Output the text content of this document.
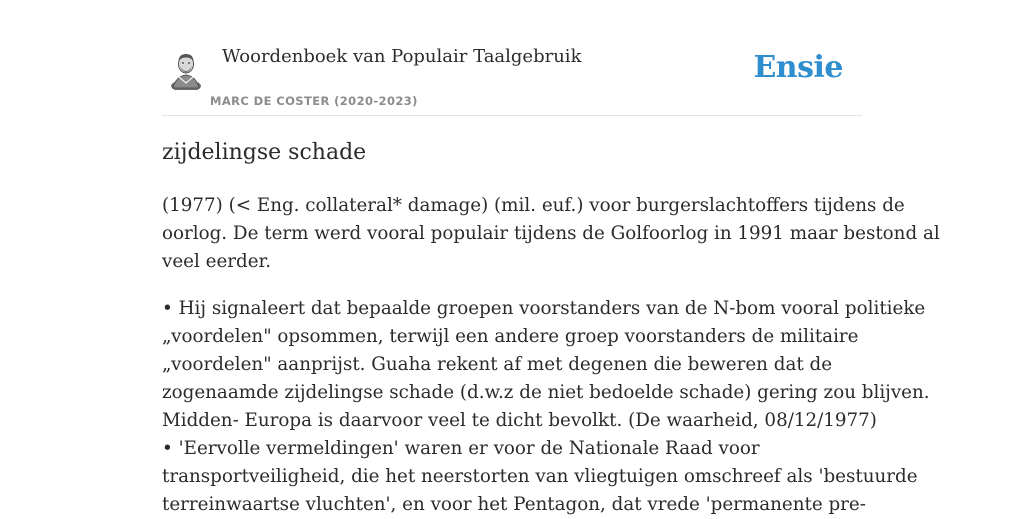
Woordenboek van Populair Taalgebruik
MARC DE COSTER (2020-2023)
Ensie
zijdelingse schade

(1977) (< Eng. collateral* damage) (mil. euf.) voor burgerslachtoffers tijdens de
oorlog. De term werd vooral populair tijdens de Golfoorlog in 1991 maar bestond al
veel eerder.

• Hij signaleert dat bepaalde groepen voorstanders van de N-bom vooral politieke
„voordelen" opsommen, terwijl een andere groep voorstanders de militaire
„voordelen" aanprijst. Guaha rekent af met degenen die beweren dat de
zogenaamde zijdelingse schade (d.w.z de niet bedoelde schade) gering zou blijven.
Midden- Europa is daarvoor veel te dicht bevolkt. (De waarheid, 08/12/1977)
• 'Eervolle vermeldingen' waren er voor de Nationale Raad voor
transportveiligheid, die het neerstorten van vliegtuigen omschreef als 'bestuurde
terreinwaartse vluchten', en voor het Pentagon, dat vrede 'permanente pre-
